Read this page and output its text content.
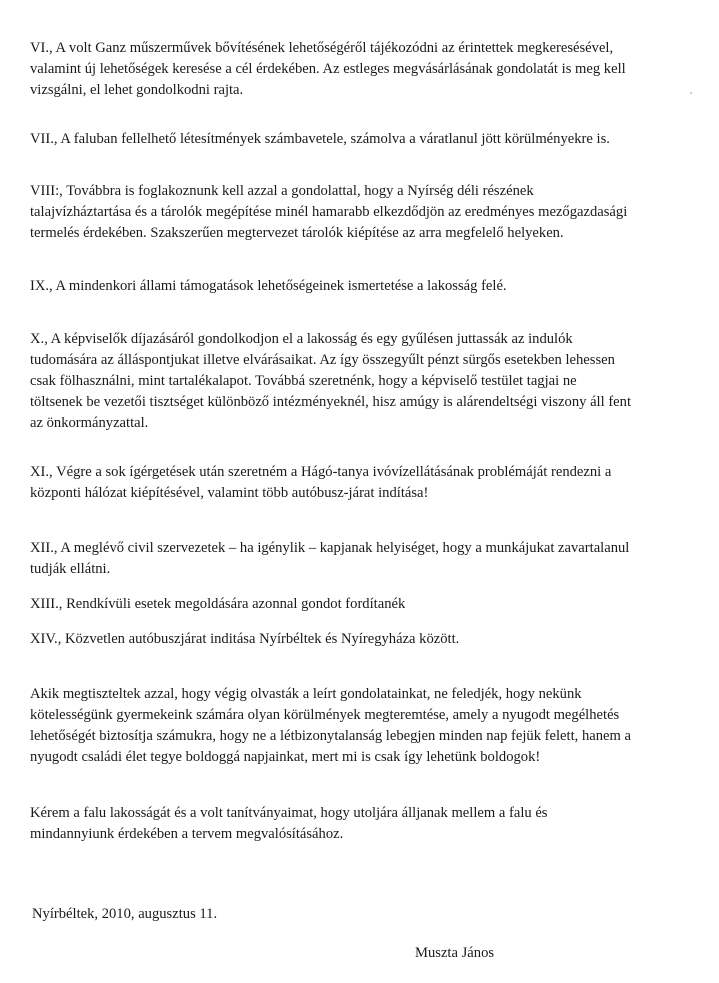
VI., A volt Ganz műszerművek bővítésének lehetőségéről tájékozódni az érintettek megkeresésével,
valamint új lehetőségek keresése a cél érdekében. Az estleges megvásárlásának gondolatát is meg kell
vizsgálni, el lehet gondolkodni rajta.

VII., A faluban fellelhető létesítmények számbavetele, számolva a váratlanul jött körülményekre is.

VIII:, Továbbra is foglakoznunk kell azzal a gondolattal, hogy a Nyírség déli részének
talajvízháztartása és a tárolók megépítése minél hamarabb elkezdődjön az eredményes mezőgazdasági
termelés érdekében. Szakszerűen megtervezet tárolók kiépítése az arra megfelelő helyeken.

IX., A mindenkori állami támogatások lehetőségeinek ismertetése a lakosság felé.

X., A képviselők díjazásáról gondolkodjon el a lakosság és egy gyűlésen juttassák az indulók
tudomására az álláspontjukat illetve elvárásaikat. Az így összegyűlt pénzt sürgős esetekben lehessen
csak fölhasználni, mint tartalékalapot. Továbbá szeretnénk, hogy a képviselő testület tagjai ne
töltsenek be vezetői tisztséget különböző intézményeknél, hisz amúgy is alárendeltségi viszony áll fent
az önkormányzattal.

XI., Végre a sok ígérgetések után szeretném a Hágó-tanya ivóvízellátásának problémáját rendezni a
központi hálózat kiépítésével, valamint több autóbusz-járat indítása!

XII., A meglévő civil szervezetek – ha igénylik – kapjanak helyiséget, hogy a munkájukat zavartalanul
tudják ellátni.

XIII., Rendkívüli esetek megoldására azonnal gondot fordítanék

XIV., Közvetlen autóbuszjárat inditása Nyírbéltek és Nyíregyháza között.

Akik megtiszteltek azzal, hogy végig olvasták a leírt gondolatainkat, ne feledjék, hogy nekünk
kötelességünk gyermekeink számára olyan körülmények megteremtése, amely a nyugodt megélhetés
lehetőségét biztosítja számukra, hogy ne a létbizonytalanság lebegjen minden nap fejük felett, hanem a
nyugodt családi élet tegye boldoggá napjainkat, mert mi is csak így lehetünk boldogok!

Kérem a falu lakosságát és a volt tanítványaimat, hogy utoljára álljanak mellem a falu és
mindannyiunk érdekében a tervem megvalósításához.

Nyírbéltek, 2010, augusztus 11.
Muszta János
